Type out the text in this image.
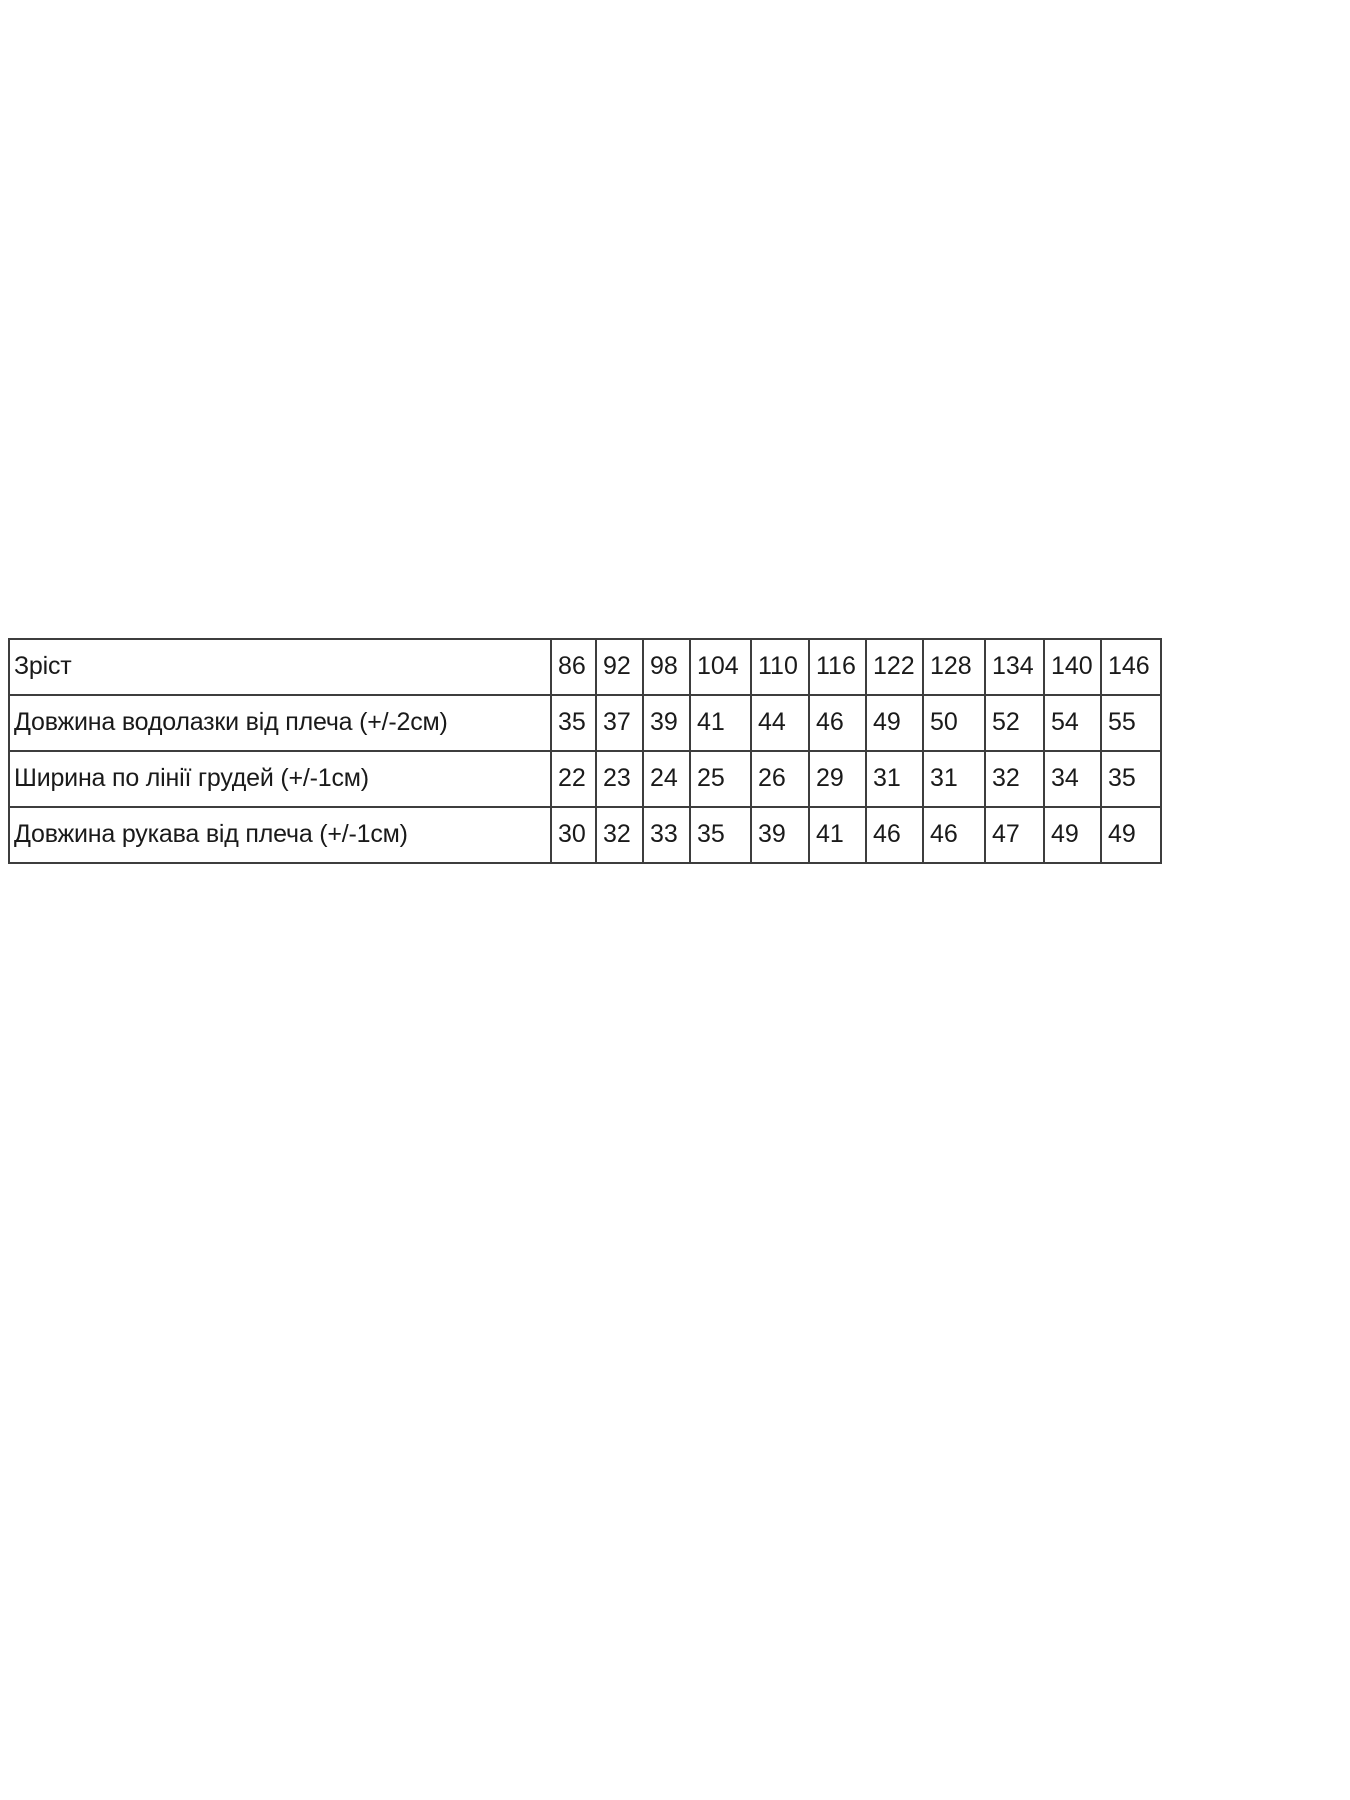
Зріст	86	92	98	104	110	116	122	128	134	140	146
Довжина водолазки від плеча (+/-2см)	35	37	39	41	44	46	49	50	52	54	55
Ширина по лінії грудей (+/-1см)	22	23	24	25	26	29	31	31	32	34	35
Довжина рукава від плеча (+/-1см)	30	32	33	35	39	41	46	46	47	49	49
